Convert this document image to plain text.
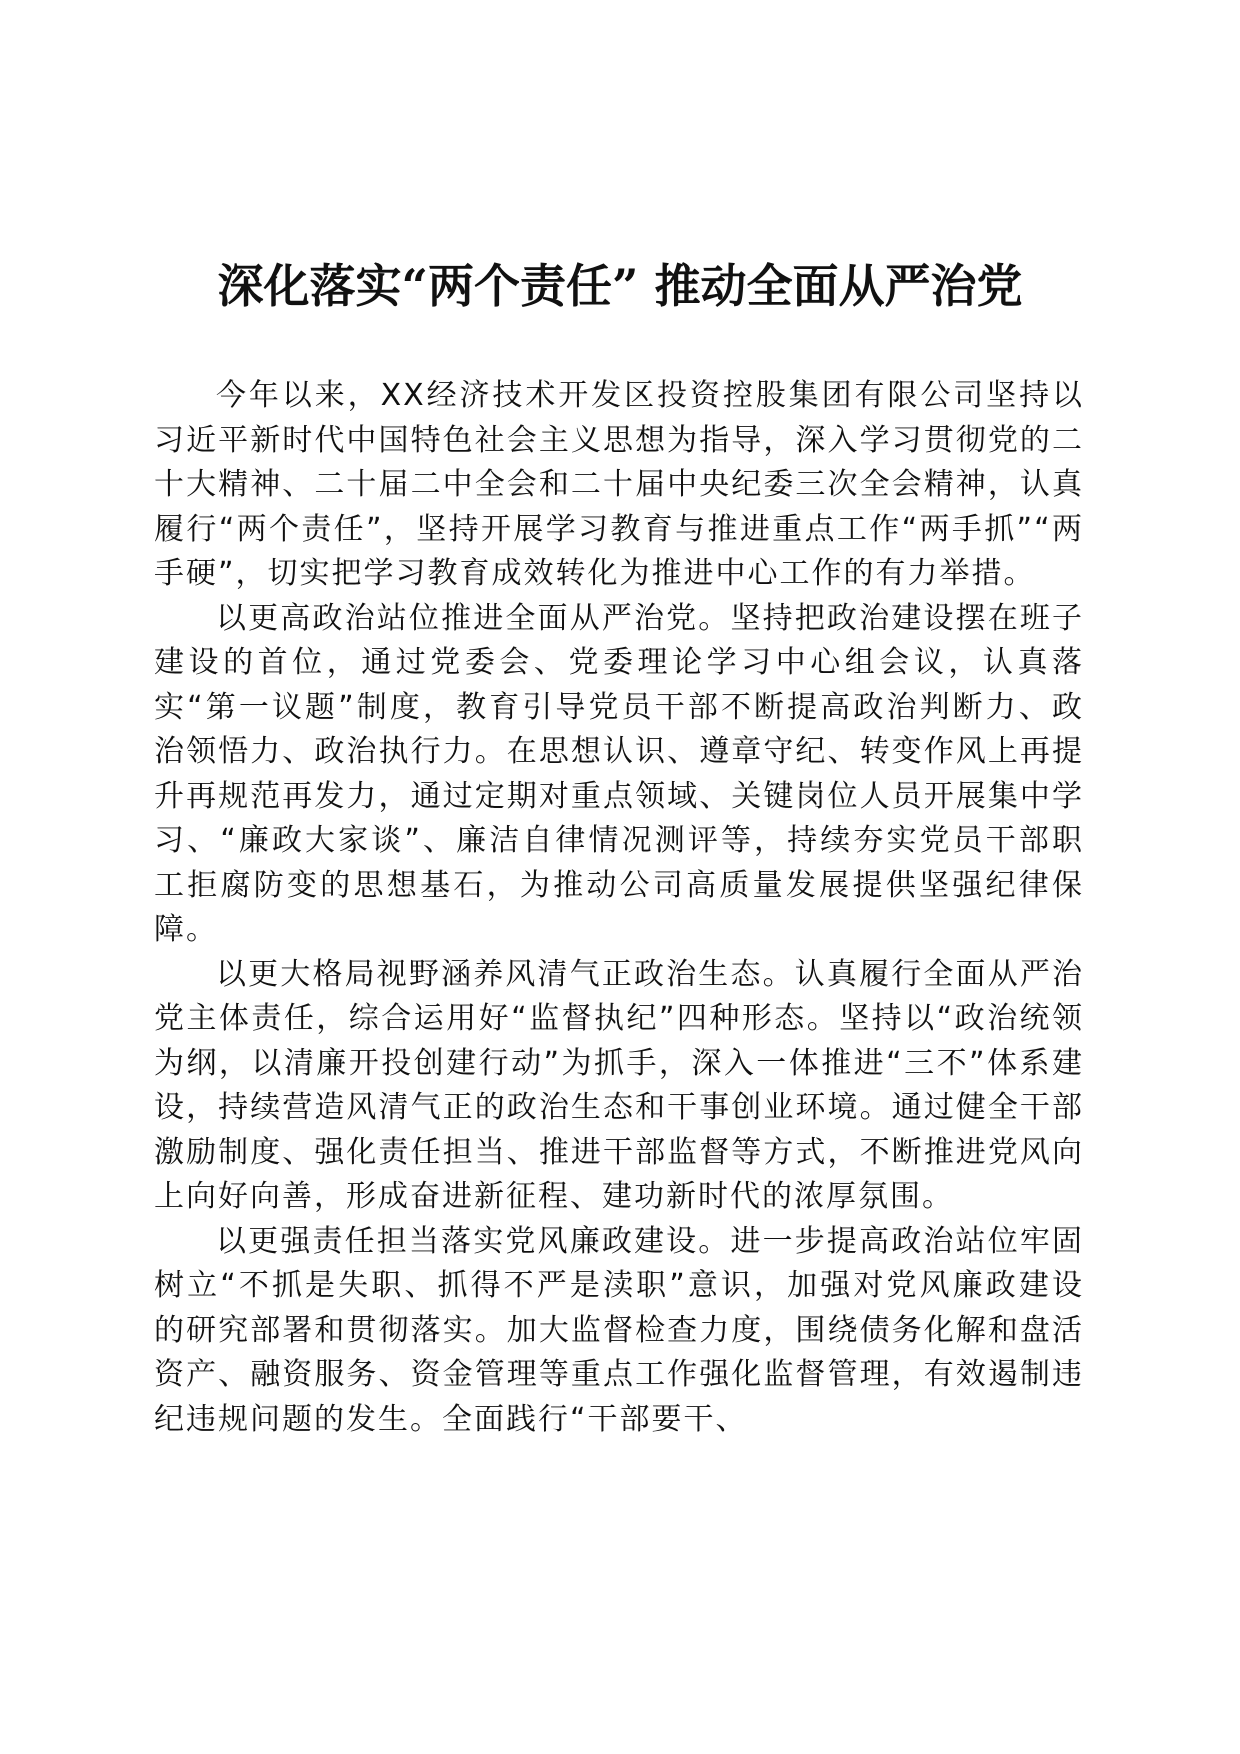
深化落实“两个责任” 推动全面从严治党

今年以来，XX经济技术开发区投资控股集团有限公司坚持以习近平新时代中国特色社会主义思想为指导，深入学习贯彻党的二十大精神、二十届二中全会和二十届中央纪委三次全会精神，认真履行“两个责任”，坚持开展学习教育与推进重点工作“两手抓”“两手硬”，切实把学习教育成效转化为推进中心工作的有力举措。

以更高政治站位推进全面从严治党。坚持把政治建设摆在班子建设的首位，通过党委会、党委理论学习中心组会议，认真落实“第一议题”制度，教育引导党员干部不断提高政治判断力、政治领悟力、政治执行力。在思想认识、遵章守纪、转变作风上再提升再规范再发力，通过定期对重点领域、关键岗位人员开展集中学习、“廉政大家谈”、廉洁自律情况测评等，持续夯实党员干部职工拒腐防变的思想基石，为推动公司高质量发展提供坚强纪律保障。

以更大格局视野涵养风清气正政治生态。认真履行全面从严治党主体责任，综合运用好“监督执纪”四种形态。坚持以“政治统领为纲，以清廉开投创建行动”为抓手，深入一体推进“三不”体系建设，持续营造风清气正的政治生态和干事创业环境。通过健全干部激励制度、强化责任担当、推进干部监督等方式，不断推进党风向上向好向善，形成奋进新征程、建功新时代的浓厚氛围。

以更强责任担当落实党风廉政建设。进一步提高政治站位牢固树立“不抓是失职、抓得不严是渎职”意识，加强对党风廉政建设的研究部署和贯彻落实。加大监督检查力度，围绕债务化解和盘活资产、融资服务、资金管理等重点工作强化监督管理，有效遏制违纪违规问题的发生。全面践行“干部要干、
